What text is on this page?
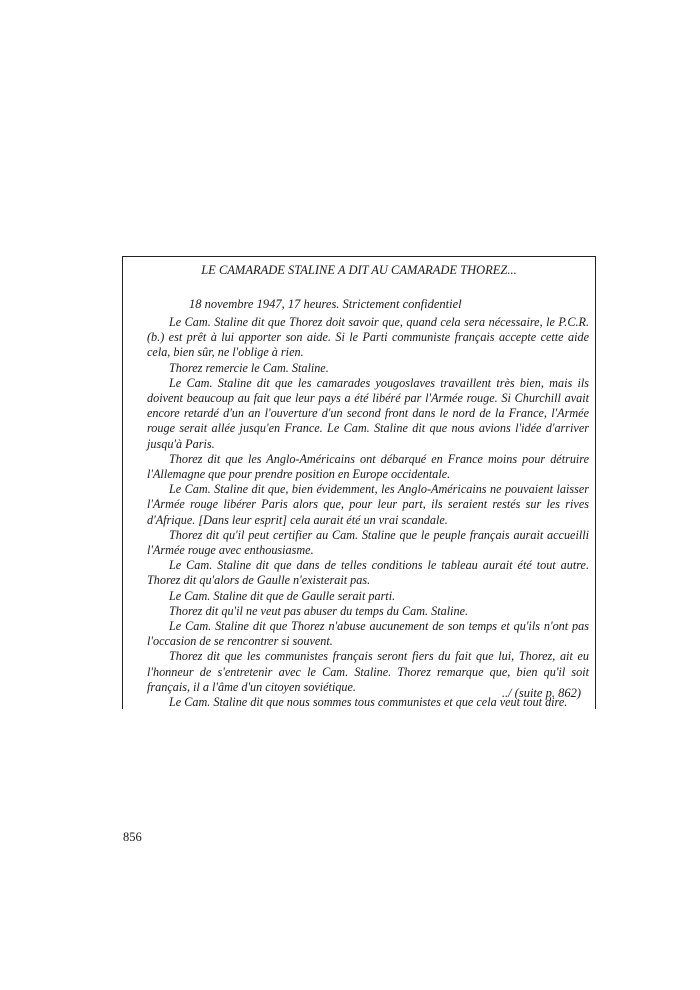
LE CAMARADE STALINE A DIT AU CAMARADE THOREZ...
18 novembre 1947, 17 heures. Strictement confidentiel

Le Cam. Staline dit que Thorez doit savoir que, quand cela sera nécessaire, le P.C.R.(b.) est prêt à lui apporter son aide. Si le Parti communiste français accepte cette aide cela, bien sûr, ne l'oblige à rien.

Thorez remercie le Cam. Staline.

Le Cam. Staline dit que les camarades yougoslaves travaillent très bien, mais ils doivent beaucoup au fait que leur pays a été libéré par l'Armée rouge. Si Churchill avait encore retardé d'un an l'ouverture d'un second front dans le nord de la France, l'Armée rouge serait allée jusqu'en France. Le Cam. Staline dit que nous avions l'idée d'arriver jusqu'à Paris.

Thorez dit que les Anglo-Américains ont débarqué en France moins pour détruire l'Allemagne que pour prendre position en Europe occidentale.

Le Cam. Staline dit que, bien évidemment, les Anglo-Américains ne pouvaient laisser l'Armée rouge libérer Paris alors que, pour leur part, ils seraient restés sur les rives d'Afrique. [Dans leur esprit] cela aurait été un vrai scandale.

Thorez dit qu'il peut certifier au Cam. Staline que le peuple français aurait accueilli l'Armée rouge avec enthousiasme.

Le Cam. Staline dit que dans de telles conditions le tableau aurait été tout autre. Thorez dit qu'alors de Gaulle n'existerait pas.

Le Cam. Staline dit que de Gaulle serait parti.

Thorez dit qu'il ne veut pas abuser du temps du Cam. Staline.

Le Cam. Staline dit que Thorez n'abuse aucunement de son temps et qu'ils n'ont pas l'occasion de se rencontrer si souvent.

Thorez dit que les communistes français seront fiers du fait que lui, Thorez, ait eu l'honneur de s'entretenir avec le Cam. Staline. Thorez remarque que, bien qu'il soit français, il a l'âme d'un citoyen soviétique.

Le Cam. Staline dit que nous sommes tous communistes et que cela veut tout dire.

../ (suite p. 862)
856
